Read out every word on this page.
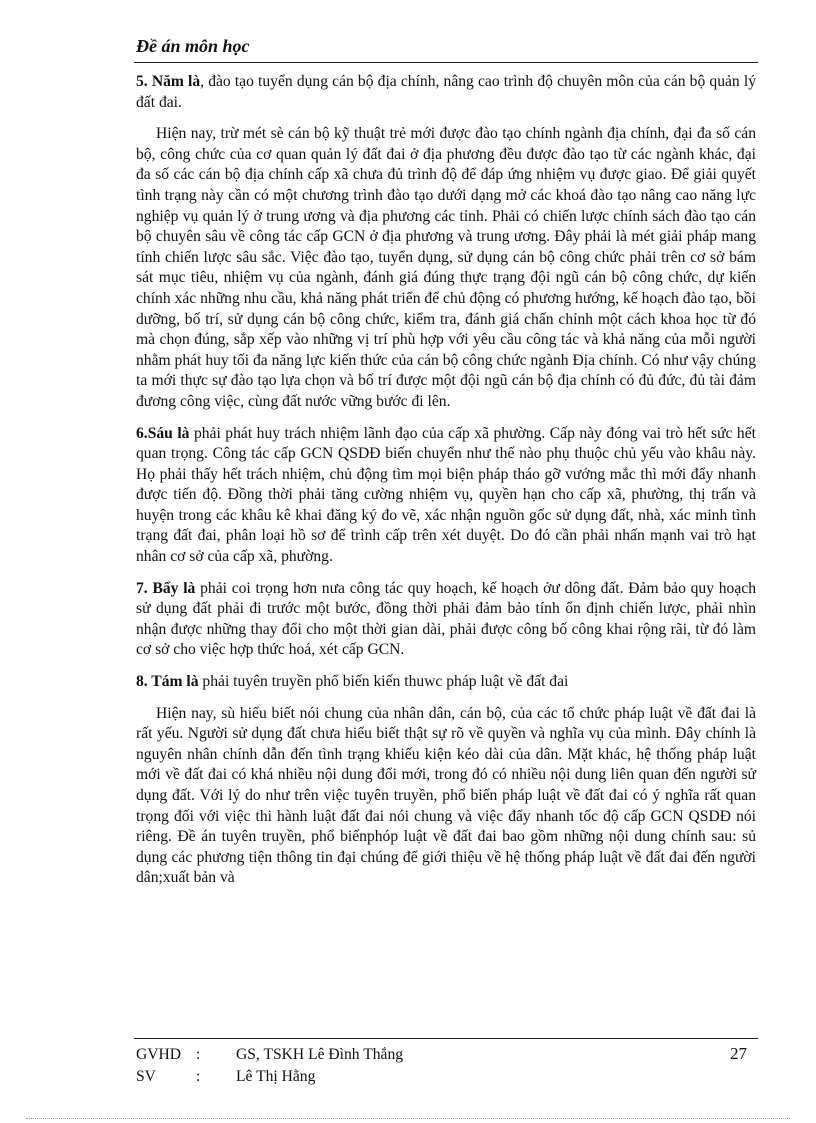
Đề án môn học

5. Năm là, đào tạo tuyển dụng cán bộ địa chính, nâng cao trình độ chuyên môn của cán bộ quản lý đất đai.

Hiện nay, trừ mét sè cán bộ kỹ thuật trẻ mới được đào tạo chính ngành địa chính, đại đa số cán bộ, công chức của cơ quan quản lý đất đai ở địa phương đều được đào tạo từ các ngành khác, đại đa số các cán bộ địa chính cấp xã chưa đủ trình độ để đáp ứng nhiệm vụ được giao. Để giải quyết tình trạng này cần có một chương trình đào tạo dưới dạng mở các khoá đào tạo nâng cao năng lực nghiệp vụ quản lý ở trung ương và địa phương các tỉnh. Phải có chiến lược chính sách đào tạo cán bộ chuyên sâu về công tác cấp GCN ở địa phương và trung ương. Đây phải là mét giải pháp mang tính chiến lược sâu sắc. Việc đào tạo, tuyển dụng, sử dụng cán bộ công chức phải trên cơ sở bám sát mục tiêu, nhiệm vụ của ngành, đánh giá đúng thực trạng đội ngũ cán bộ công chức, dự kiến chính xác những nhu cầu, khả năng phát triển để chủ động có phương hướng, kế hoạch đào tạo, bồi dưỡng, bố trí, sử dụng cán bộ công chức, kiểm tra, đánh giá chấn chỉnh một cách khoa học từ đó mà chọn đúng, sắp xếp vào những vị trí phù hợp với yêu cầu công tác và khả năng của mỗi người nhằm phát huy tối đa năng lực kiến thức của cán bộ công chức ngành Địa chính. Có như vậy chúng ta mới thực sự đào tạo lựa chọn và bố trí được một đội ngũ cán bộ địa chính có đủ đức, đủ tài đảm đương công việc, cùng đất nước vững bước đi lên.

6.Sáu là phải phát huy trách nhiệm lãnh đạo của cấp xã phường. Cấp này đóng vai trò hết sức hết quan trọng. Công tác cấp GCN QSDĐ biến chuyển như thế nào phụ thuộc chủ yếu vào khâu này. Họ phải thấy hết trách nhiệm, chủ động tìm mọi biện pháp tháo gỡ vướng mắc thì mới đẩy nhanh được tiến độ. Đồng thời phải tăng cường nhiệm vụ, quyền hạn cho cấp xã, phường, thị trấn và huyện trong các khâu kê khai đăng ký đo vẽ, xác nhận nguồn gốc sử dụng đất, nhà, xác minh tình trạng đất đai, phân loại hồ sơ để trình cấp trên xét duyệt. Do đó cần phải nhấn mạnh vai trò hạt nhân cơ sở của cấp xã, phường.

7. Bẩy là phải coi trọng hơn nưa công tác quy hoạch, kế hoạch ởư dông đất. Đảm bảo quy hoạch sử dụng đất phải đi trước một bước, đồng thời phải đảm bảo tính ổn định chiến lược, phải nhìn nhận được những thay đổi cho một thời gian dài, phải được công bố công khai rộng rãi, từ đó làm cơ sở cho việc hợp thức hoá, xét cấp GCN.

8. Tám là phải tuyên truyền phổ biến kiến thuwc pháp luật về đất đai

Hiện nay, sù hiểu biết nói chung của nhân dân, cán bộ, của các tổ chức pháp luật về đất đai là rất yếu. Người sử dụng đất chưa hiểu biết thật sự rõ về quyền và nghĩa vụ của mình. Đây chính là nguyên nhân chính dẫn đến tình trạng khiếu kiện kéo dài của dân. Mặt khác, hệ thống pháp luật mới về đất đai có khá nhiều nội dung đổi mới, trong đó có nhiều nội dung liên quan đến người sử dụng đất. Với lý do như trên việc tuyên truyền, phổ biến pháp luật về đất đai có ý nghĩa rất quan trọng đối với việc thi hành luật đất đai nói chung và việc đẩy nhanh tốc độ cấp GCN QSDĐ nói riêng. Đề án tuyên truyền, phổ biếnphóp luật về đất đai bao gồm những nội dung chính sau: sủ dụng các phương tiện thông tin đại chúng để giới thiệu về hệ thống pháp luật về đất đai đến người dân;xuất bản và

GVHD :	GS, TSKH Lê Đình Thắng
SV	:	Lê Thị Hằng
27
